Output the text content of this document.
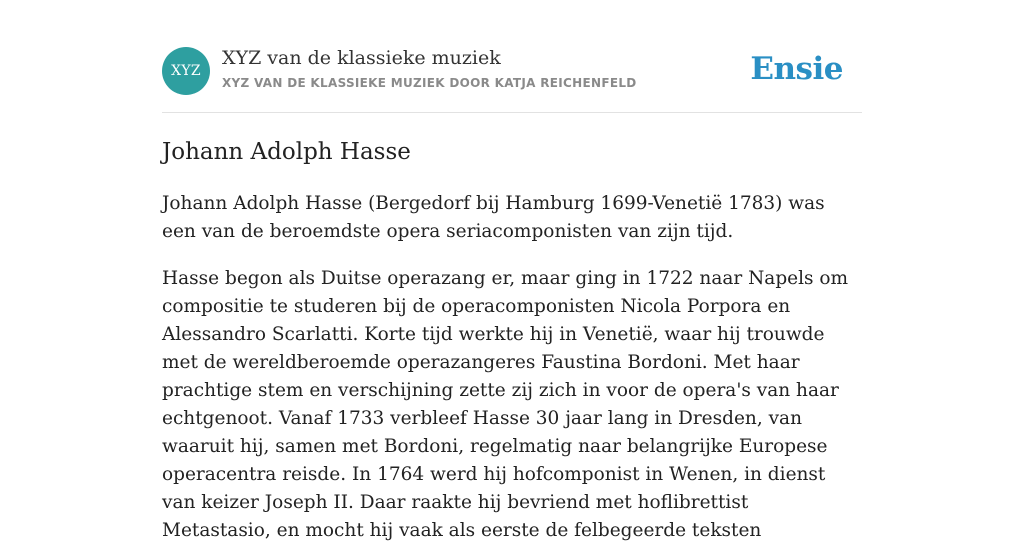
XYZ
XYZ van de klassieke muziek
XYZ VAN DE KLASSIEKE MUZIEK DOOR KATJA REICHENFELD	Ensie
Johann Adolph Hasse

Johann Adolph Hasse (Bergedorf bij Hamburg 1699-Venetië 1783) was een van de beroemdste opera seriacomponisten van zijn tijd.

Hasse begon als Duitse operazang er, maar ging in 1722 naar Napels om compositie te studeren bij de operacomponisten Nicola Porpora en Alessandro Scarlatti. Korte tijd werkte hij in Venetië, waar hij trouwde met de wereldberoemde operazangeres Faustina Bordoni. Met haar prachtige stem en verschijning zette zij zich in voor de opera's van haar echtgenoot. Vanaf 1733 verbleef Hasse 30 jaar lang in Dresden, van waaruit hij, samen met Bordoni, regelmatig naar belangrijke Europese operacentra reisde. In 1764 werd hij hofcomponist in Wenen, in dienst van keizer Joseph II. Daar raakte hij bevriend met hoflibrettist Metastasio, en mocht hij vaak als eerste de felbegeerde teksten
